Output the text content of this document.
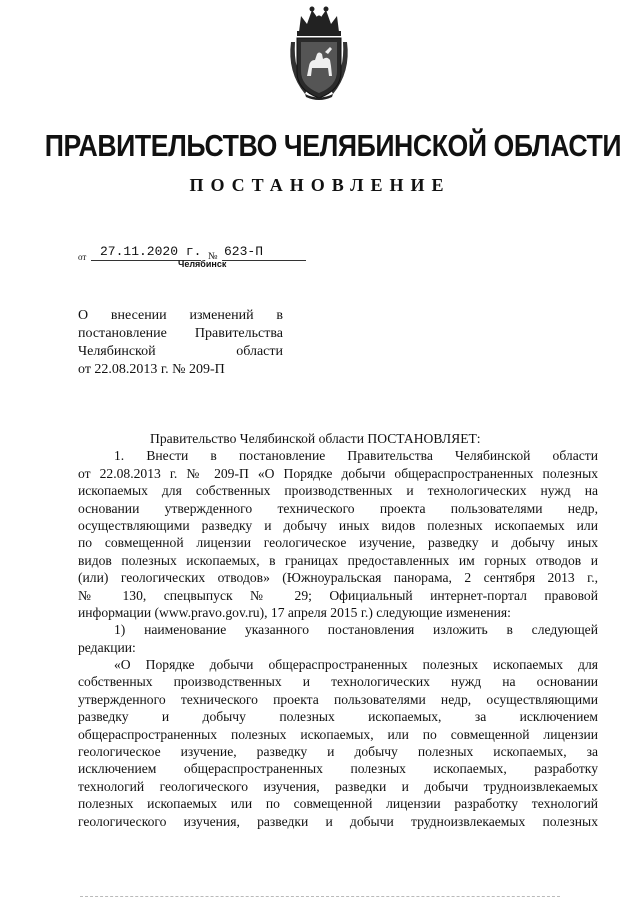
ПРАВИТЕЛЬСТВО ЧЕЛЯБИНСКОЙ ОБЛАСТИ
ПОСТАНОВЛЕНИЕ
от 27.11.2020 г. № 623-П
Челябинск
О внесении изменений в
постановление Правительства
Челябинской области
от 22.08.2013 г. № 209-П
Правительство Челябинской области ПОСТАНОВЛЯЕТ:
1. Внести в постановление Правительства Челябинской области
от 22.08.2013 г. № 209-П «О Порядке добычи общераспространенных полезных
ископаемых для собственных производственных и технологических нужд на
основании утвержденного технического проекта пользователями недр,
осуществляющими разведку и добычу иных видов полезных ископаемых или
по совмещенной лицензии геологическое изучение, разведку и добычу иных
видов полезных ископаемых, в границах предоставленных им горных отводов и
(или) геологических отводов» (Южноуральская панорама, 2 сентября 2013 г.,
№ 130, спецвыпуск № 29; Официальный интернет-портал правовой
информации (www.pravo.gov.ru), 17 апреля 2015 г.) следующие изменения:
1) наименование указанного постановления изложить в следующей
редакции:
«О Порядке добычи общераспространенных полезных ископаемых для
собственных производственных и технологических нужд на основании
утвержденного технического проекта пользователями недр, осуществляющими
разведку и добычу полезных ископаемых, за исключением
общераспространенных полезных ископаемых, или по совмещенной лицензии
геологическое изучение, разведку и добычу полезных ископаемых, за
исключением общераспространенных полезных ископаемых, разработку
технологий геологического изучения, разведки и добычи трудноизвлекаемых
полезных ископаемых или по совмещенной лицензии разработку технологий
геологического изучения, разведки и добычи трудноизвлекаемых полезных
